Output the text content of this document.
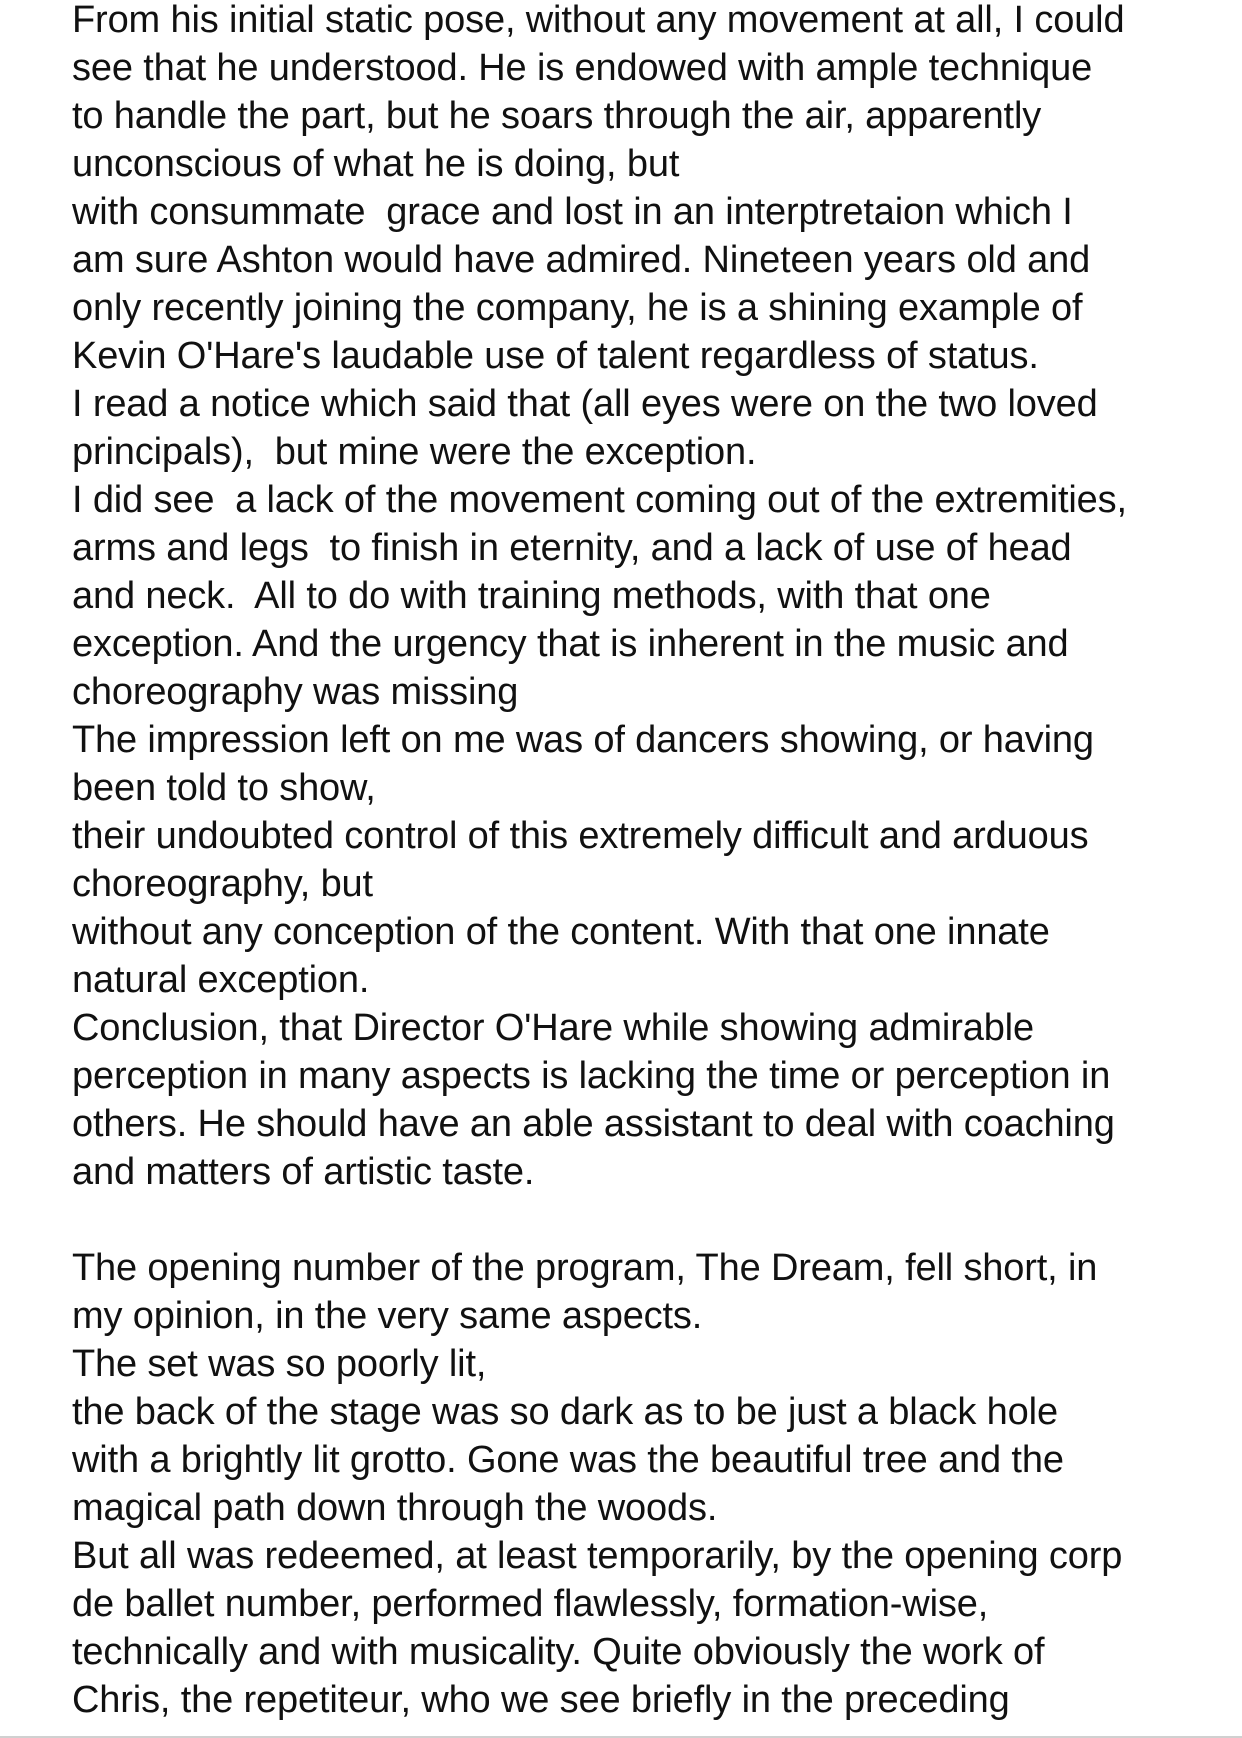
From his initial static pose, without any movement at all, I could
see that he understood. He is endowed with ample technique
to handle the part, but he soars through the air, apparently
unconscious of what he is doing, but
with consummate  grace and lost in an interptretaion which I
am sure Ashton would have admired. Nineteen years old and
only recently joining the company, he is a shining example of
Kevin O'Hare's laudable use of talent regardless of status.
I read a notice which said that (all eyes were on the two loved
principals),  but mine were the exception.
I did see  a lack of the movement coming out of the extremities,
arms and legs  to finish in eternity, and a lack of use of head
and neck.  All to do with training methods, with that one
exception. And the urgency that is inherent in the music and
choreography was missing
The impression left on me was of dancers showing, or having
been told to show,
their undoubted control of this extremely difficult and arduous
choreography, but
without any conception of the content. With that one innate
natural exception.
Conclusion, that Director O'Hare while showing admirable
perception in many aspects is lacking the time or perception in
others. He should have an able assistant to deal with coaching
and matters of artistic taste.
The opening number of the program, The Dream, fell short, in
my opinion, in the very same aspects.
The set was so poorly lit,
the back of the stage was so dark as to be just a black hole
with a brightly lit grotto. Gone was the beautiful tree and the
magical path down through the woods.
But all was redeemed, at least temporarily, by the opening corp
de ballet number, performed flawlessly, formation-wise,
technically and with musicality. Quite obviously the work of
Chris, the repetiteur, who we see briefly in the preceding
